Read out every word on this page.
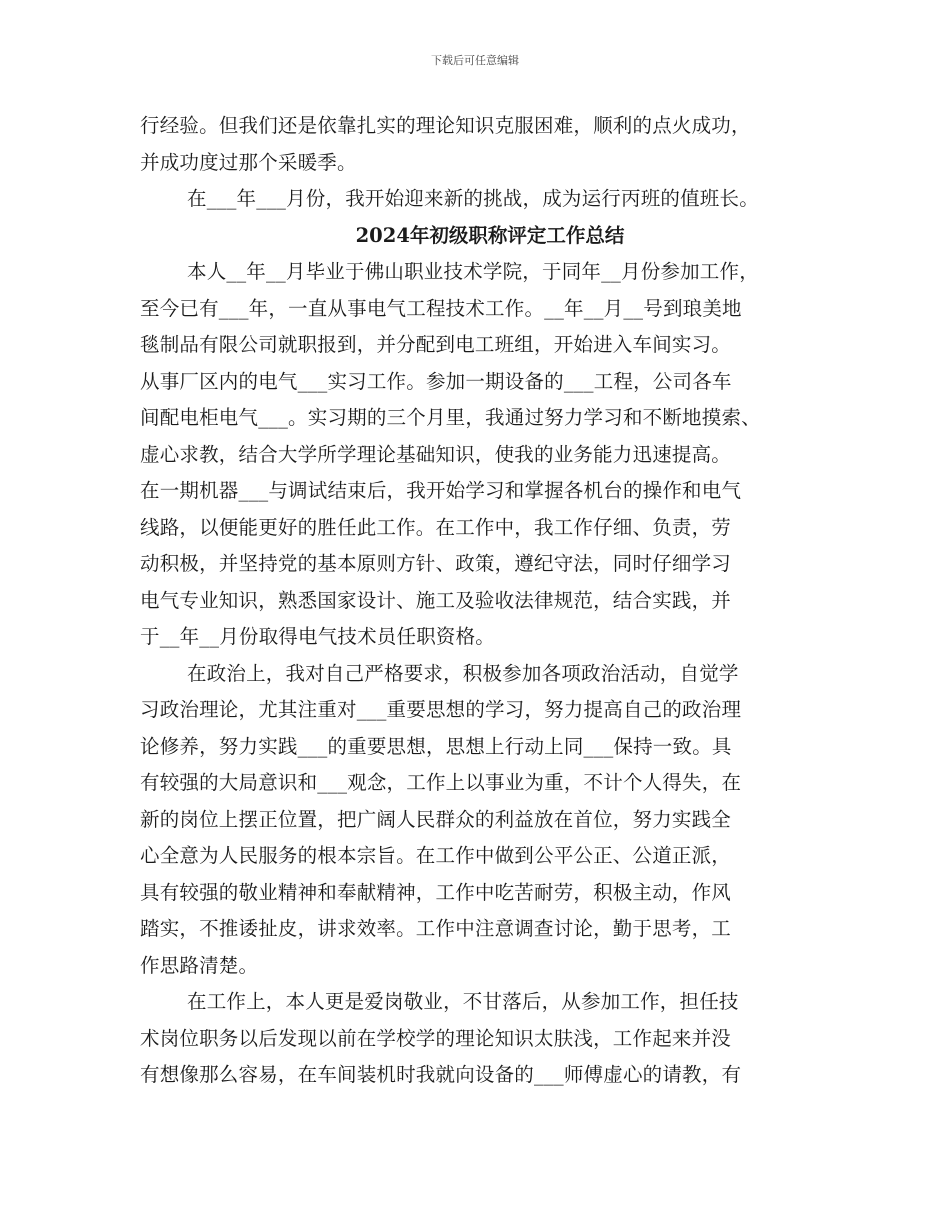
下载后可任意编辑
行经验。但我们还是依靠扎实的理论知识克服困难，顺利的点火成功，
并成功度过那个采暖季。
在___年___月份，我开始迎来新的挑战，成为运行丙班的值班长。
2024年初级职称评定工作总结
本人__年__月毕业于佛山职业技术学院，于同年__月份参加工作，
至今已有___年，一直从事电气工程技术工作。__年__月__号到琅美地
毯制品有限公司就职报到，并分配到电工班组，开始进入车间实习。
从事厂区内的电气___实习工作。参加一期设备的___工程，公司各车
间配电柜电气___。实习期的三个月里，我通过努力学习和不断地摸索、
虚心求教，结合大学所学理论基础知识，使我的业务能力迅速提高。
在一期机器___与调试结束后，我开始学习和掌握各机台的操作和电气
线路，以便能更好的胜任此工作。在工作中，我工作仔细、负责，劳
动积极，并坚持党的基本原则方针、政策，遵纪守法，同时仔细学习
电气专业知识，熟悉国家设计、施工及验收法律规范，结合实践，并
于__年__月份取得电气技术员任职资格。
在政治上，我对自己严格要求，积极参加各项政治活动，自觉学
习政治理论，尤其注重对___重要思想的学习，努力提高自己的政治理
论修养，努力实践___的重要思想，思想上行动上同___保持一致。具
有较强的大局意识和___观念，工作上以事业为重，不计个人得失，在
新的岗位上摆正位置，把广阔人民群众的利益放在首位，努力实践全
心全意为人民服务的根本宗旨。在工作中做到公平公正、公道正派，
具有较强的敬业精神和奉献精神，工作中吃苦耐劳，积极主动，作风
踏实，不推诿扯皮，讲求效率。工作中注意调查讨论，勤于思考，工
作思路清楚。
在工作上，本人更是爱岗敬业，不甘落后，从参加工作，担任技
术岗位职务以后发现以前在学校学的理论知识太肤浅，工作起来并没
有想像那么容易，在车间装机时我就向设备的___师傅虚心的请教，有
